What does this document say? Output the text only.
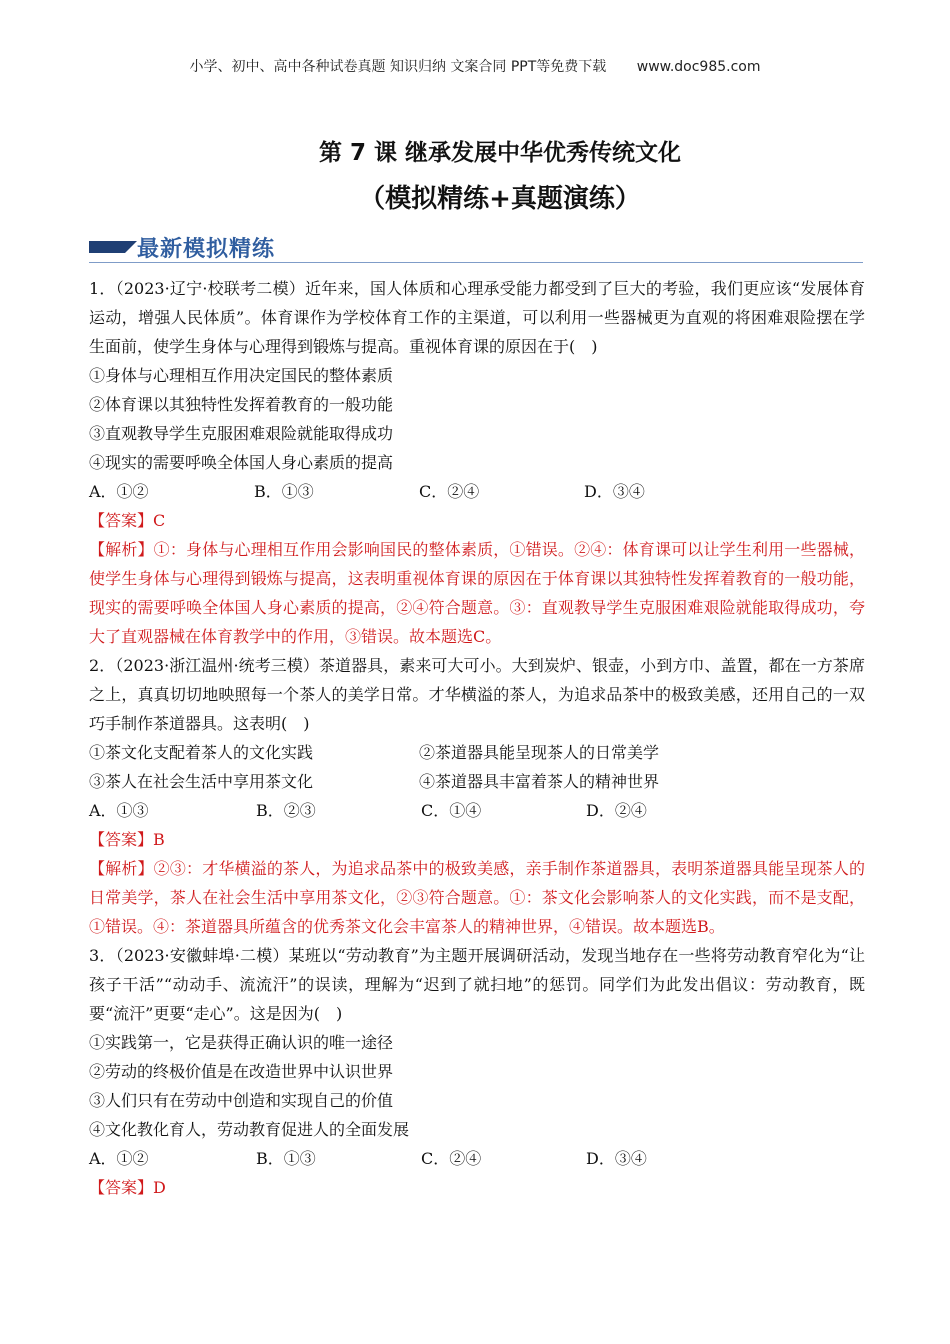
小学、初中、高中各种试卷真题 知识归纳 文案合同 PPT等免费下载 www.doc985.com
第 7 课 继承发展中华优秀传统文化
（模拟精练+真题演练）
最新模拟精练

1．（2023·辽宁·校联考二模）近年来，国人体质和心理承受能力都受到了巨大的考验，我们更应该“发展体育运动，增强人民体质”。体育课作为学校体育工作的主渠道，可以利用一些器械更为直观的将困难艰险摆在学生面前，使学生身体与心理得到锻炼与提高。重视体育课的原因在于(　)

①身体与心理相互作用决定国民的整体素质

②体育课以其独特性发挥着教育的一般功能

③直观教导学生克服困难艰险就能取得成功

④现实的需要呼唤全体国人身心素质的提高

A．①②	B．①③	C．②④	D．③④

【答案】C

【解析】①：身体与心理相互作用会影响国民的整体素质，①错误。②④：体育课可以让学生利用一些器械，使学生身体与心理得到锻炼与提高，这表明重视体育课的原因在于体育课以其独特性发挥着教育的一般功能，现实的需要呼唤全体国人身心素质的提高，②④符合题意。③：直观教导学生克服困难艰险就能取得成功，夸大了直观器械在体育教学中的作用，③错误。故本题选C。

2．（2023·浙江温州·统考三模）茶道器具，素来可大可小。大到炭炉、银壶，小到方巾、盖置，都在一方茶席之上，真真切切地映照每一个茶人的美学日常。才华横溢的茶人，为追求品茶中的极致美感，还用自己的一双巧手制作茶道器具。这表明(　)

①茶文化支配着茶人的文化实践	②茶道器具能呈现茶人的日常美学
③茶人在社会生活中享用茶文化	④茶道器具丰富着茶人的精神世界
A．①③	B．②③	C．①④	D．②④

【答案】B

【解析】②③：才华横溢的茶人，为追求品茶中的极致美感，亲手制作茶道器具，表明茶道器具能呈现茶人的日常美学，茶人在社会生活中享用茶文化，②③符合题意。①：茶文化会影响茶人的文化实践，而不是支配，①错误。④：茶道器具所蕴含的优秀茶文化会丰富茶人的精神世界，④错误。故本题选B。

3．（2023·安徽蚌埠·二模）某班以“劳动教育”为主题开展调研活动，发现当地存在一些将劳动教育窄化为“让孩子干活”“动动手、流流汗”的误读，理解为“迟到了就扫地”的惩罚。同学们为此发出倡议：劳动教育，既要“流汗”更要“走心”。这是因为(　)

①实践第一，它是获得正确认识的唯一途径

②劳动的终极价值是在改造世界中认识世界

③人们只有在劳动中创造和实现自己的价值

④文化教化育人，劳动教育促进人的全面发展

A．①②	B．①③	C．②④	D．③④

【答案】D
